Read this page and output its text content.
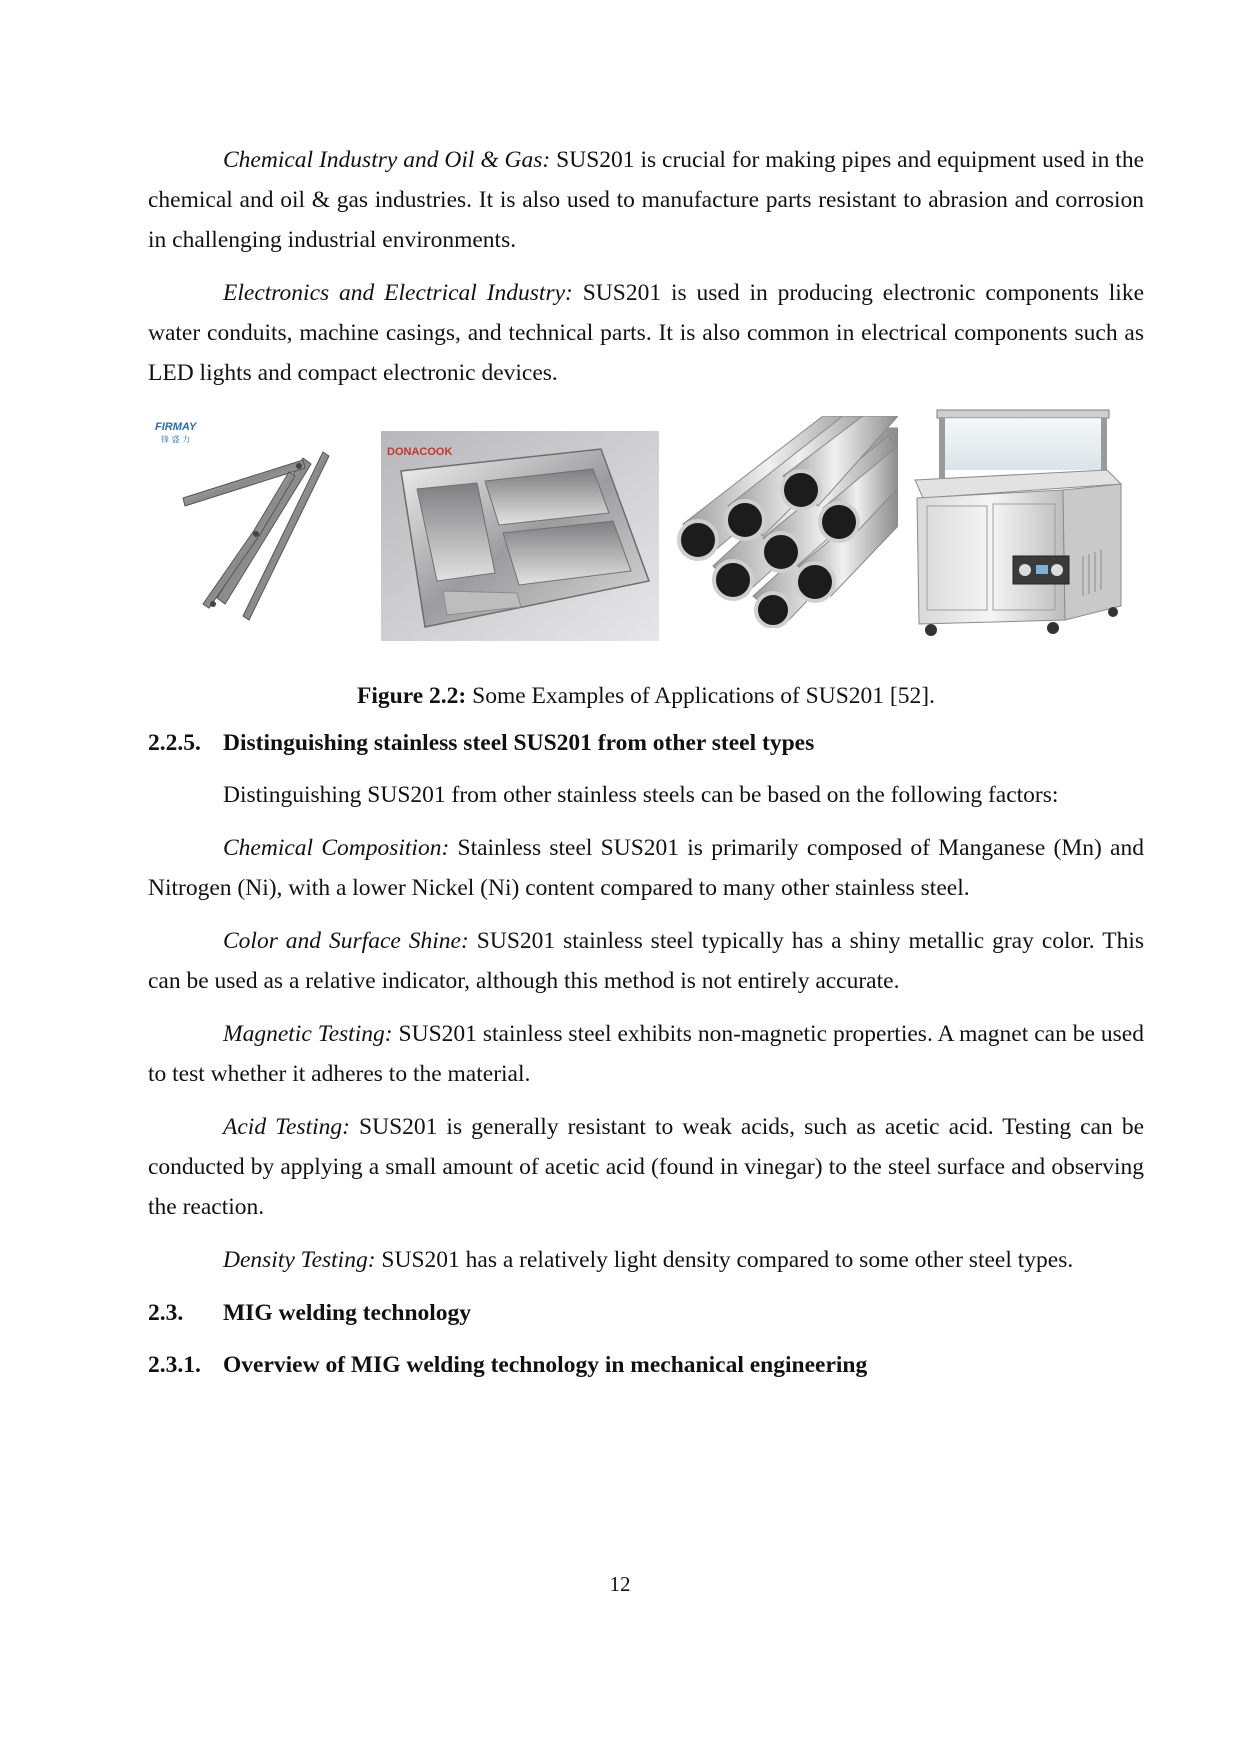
Chemical Industry and Oil & Gas: SUS201 is crucial for making pipes and equipment used in the chemical and oil & gas industries. It is also used to manufacture parts resistant to abrasion and corrosion in challenging industrial environments.

Electronics and Electrical Industry: SUS201 is used in producing electronic components like water conduits, machine casings, and technical parts. It is also common in electrical components such as LED lights and compact electronic devices.

FIRMAY
锋 盛 力
DONACOOK

Figure 2.2: Some Examples of Applications of SUS201 [52].

2.2.5. Distinguishing stainless steel SUS201 from other steel types

Distinguishing SUS201 from other stainless steels can be based on the following factors:

Chemical Composition: Stainless steel SUS201 is primarily composed of Manganese (Mn) and Nitrogen (Ni), with a lower Nickel (Ni) content compared to many other stainless steel.

Color and Surface Shine: SUS201 stainless steel typically has a shiny metallic gray color. This can be used as a relative indicator, although this method is not entirely accurate.

Magnetic Testing: SUS201 stainless steel exhibits non-magnetic properties. A magnet can be used to test whether it adheres to the material.

Acid Testing: SUS201 is generally resistant to weak acids, such as acetic acid. Testing can be conducted by applying a small amount of acetic acid (found in vinegar) to the steel surface and observing the reaction.

Density Testing: SUS201 has a relatively light density compared to some other steel types.

2.3.	MIG welding technology
2.3.1. Overview of MIG welding technology in mechanical engineering
12
